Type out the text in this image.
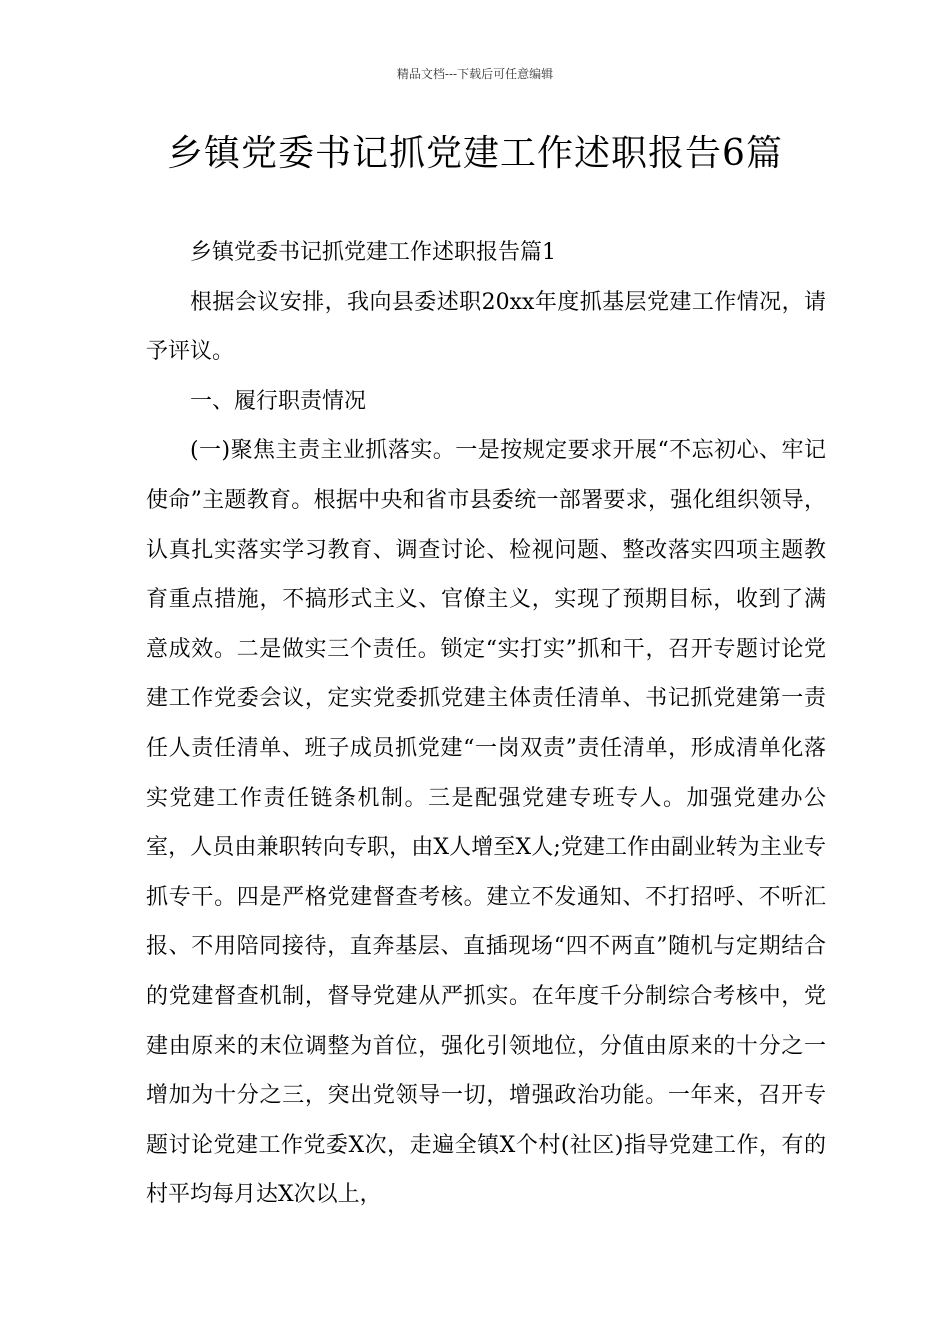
精品文档---下载后可任意编辑
乡镇党委书记抓党建工作述职报告6篇

乡镇党委书记抓党建工作述职报告篇1

根据会议安排，我向县委述职20xx年度抓基层党建工作情况，请予评议。

一、履行职责情况

(一)聚焦主责主业抓落实。一是按规定要求开展“不忘初心、牢记使命”主题教育。根据中央和省市县委统一部署要求，强化组织领导，认真扎实落实学习教育、调查讨论、检视问题、整改落实四项主题教育重点措施，不搞形式主义、官僚主义，实现了预期目标，收到了满意成效。二是做实三个责任。锁定“实打实”抓和干，召开专题讨论党建工作党委会议，定实党委抓党建主体责任清单、书记抓党建第一责任人责任清单、班子成员抓党建“一岗双责”责任清单，形成清单化落实党建工作责任链条机制。三是配强党建专班专人。加强党建办公室，人员由兼职转向专职，由X人增至X人;党建工作由副业转为主业专抓专干。四是严格党建督查考核。建立不发通知、不打招呼、不听汇报、不用陪同接待，直奔基层、直插现场“四不两直”随机与定期结合的党建督查机制，督导党建从严抓实。在年度千分制综合考核中，党建由原来的末位调整为首位，强化引领地位，分值由原来的十分之一增加为十分之三，突出党领导一切，增强政治功能。一年来，召开专题讨论党建工作党委X次，走遍全镇X个村(社区)指导党建工作，有的村平均每月达X次以上，
